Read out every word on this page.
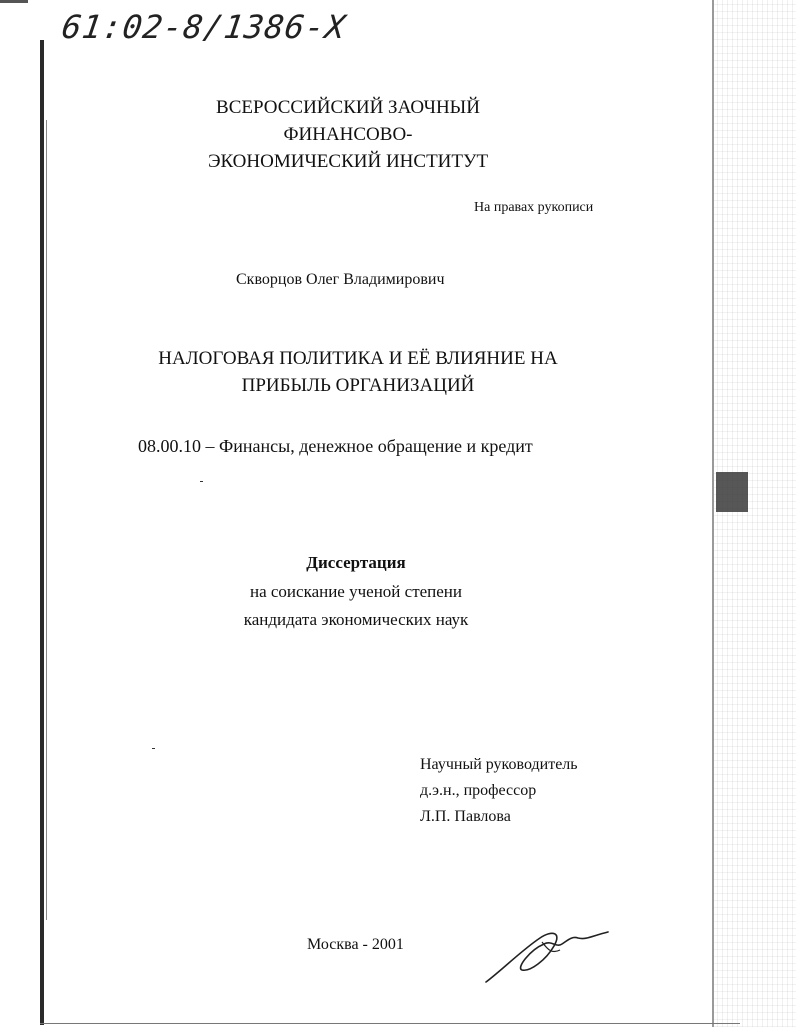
61:02-8/1386-X
ВСЕРОССИЙСКИЙ ЗАОЧНЫЙ ФИНАНСОВО-
ЭКОНОМИЧЕСКИЙ ИНСТИТУТ
На правах рукописи
Скворцов Олег Владимирович
НАЛОГОВАЯ ПОЛИТИКА И ЕЁ ВЛИЯНИЕ НА
ПРИБЫЛЬ ОРГАНИЗАЦИЙ
08.00.10 – Финансы, денежное обращение и кредит
Диссертация
на соискание ученой степени
кандидата экономических наук
Научный руководитель
д.э.н., профессор
Л.П. Павлова
Москва - 2001
